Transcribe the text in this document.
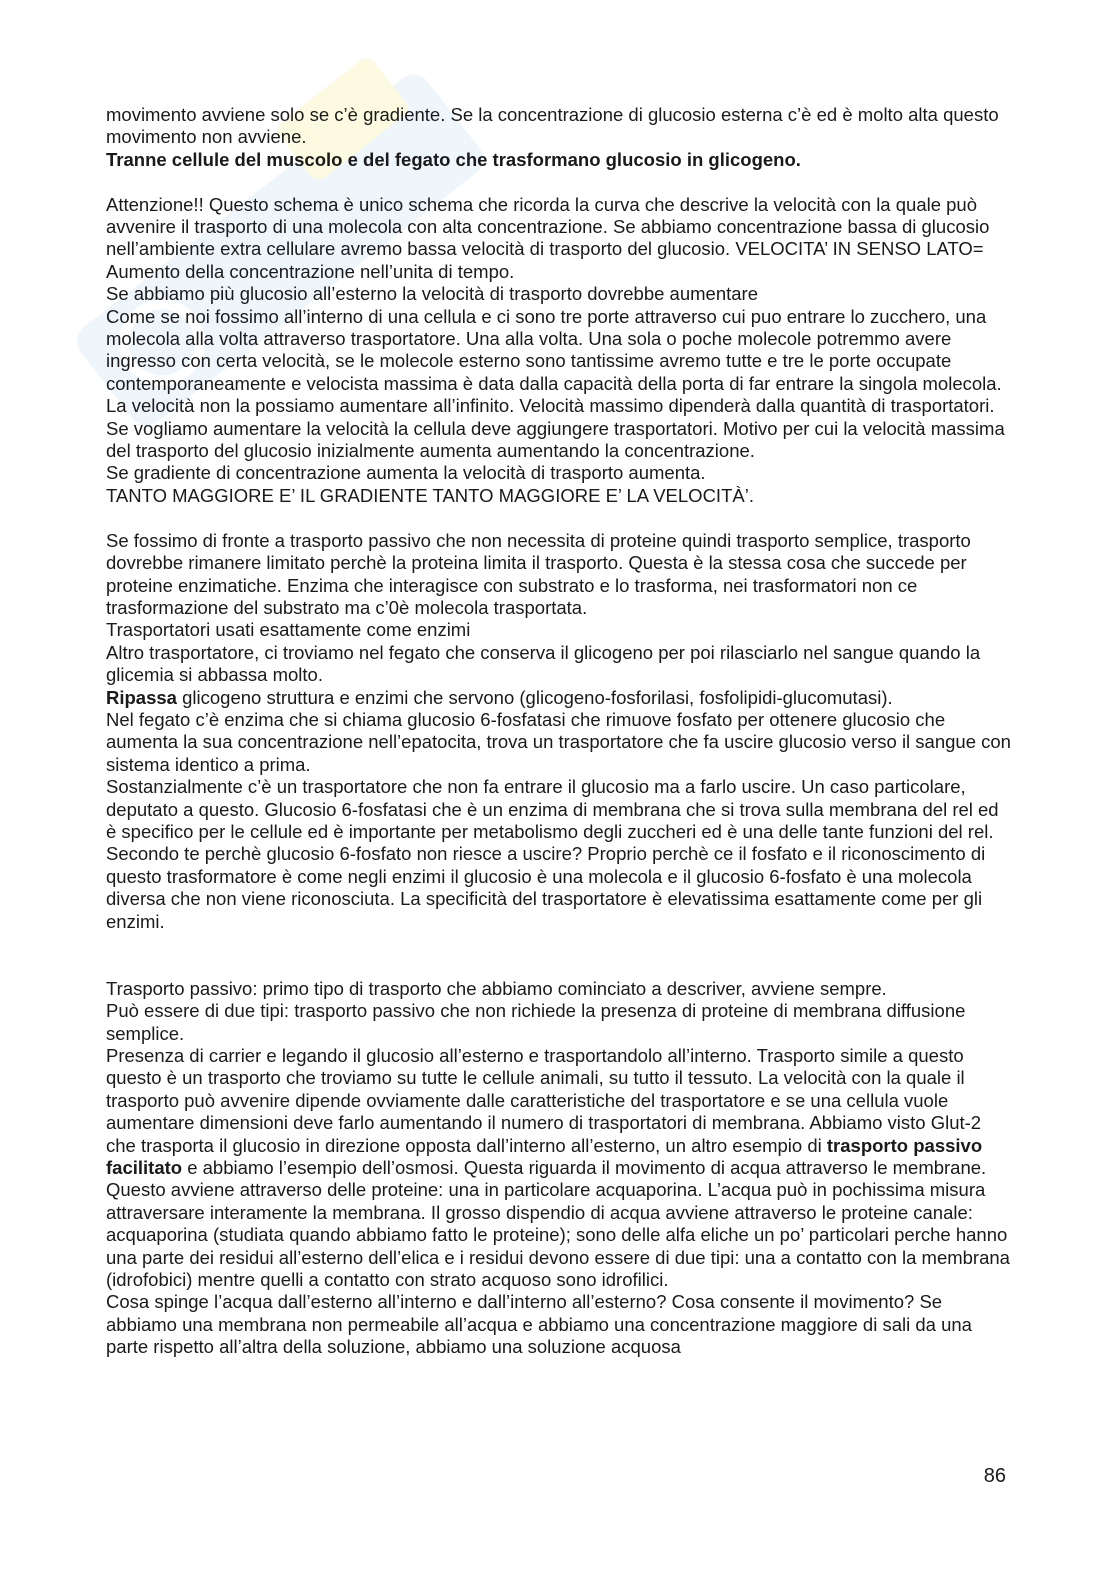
movimento avviene solo se c’è gradiente. Se la concentrazione di glucosio esterna c’è ed è molto alta questo movimento non avviene.

Tranne cellule del muscolo e del fegato che trasformano glucosio in glicogeno.

Attenzione!! Questo schema è unico schema che ricorda la curva che descrive la velocità con la quale può avvenire il trasporto di una molecola con alta concentrazione. Se abbiamo concentrazione bassa di glucosio nell’ambiente extra cellulare avremo bassa velocità di trasporto del glucosio. VELOCITA’ IN SENSO LATO= Aumento della concentrazione nell’unita di tempo.

Se abbiamo più glucosio all’esterno la velocità di trasporto dovrebbe aumentare

Come se noi fossimo all’interno di una cellula e ci sono tre porte attraverso cui puo entrare lo zucchero, una molecola alla volta attraverso trasportatore. Una alla volta. Una sola o poche molecole potremmo avere ingresso con certa velocità, se le molecole esterno sono tantissime avremo tutte e tre le porte occupate contemporaneamente e velocista massima è data dalla capacità della porta di far entrare la singola molecola. La velocità non la possiamo aumentare all’infinito. Velocità massimo dipenderà dalla quantità di trasportatori. Se vogliamo aumentare la velocità la cellula deve aggiungere trasportatori. Motivo per cui la velocità massima del trasporto del glucosio inizialmente aumenta aumentando la concentrazione.

Se gradiente di concentrazione aumenta la velocità di trasporto aumenta.

TANTO MAGGIORE E’ IL GRADIENTE TANTO MAGGIORE E’ LA VELOCITÀ’.

Se fossimo di fronte a trasporto passivo che non necessita di proteine quindi trasporto semplice, trasporto dovrebbe rimanere limitato perchè la proteina limita il trasporto. Questa è la stessa cosa che succede per proteine enzimatiche. Enzima che interagisce con substrato e lo trasforma, nei trasformatori non ce trasformazione del substrato ma c’0è molecola trasportata.

Trasportatori usati esattamente come enzimi

Altro trasportatore, ci troviamo nel fegato che conserva il glicogeno per poi rilasciarlo nel sangue quando la glicemia si abbassa molto.

Ripassa glicogeno struttura e enzimi che servono (glicogeno-fosforilasi, fosfolipidi-glucomutasi).

Nel fegato c’è enzima che si chiama glucosio 6-fosfatasi che rimuove fosfato per ottenere glucosio che aumenta la sua concentrazione nell’epatocita, trova un trasportatore che fa uscire glucosio verso il sangue con sistema identico a prima.

Sostanzialmente c’è un trasportatore che non fa entrare il glucosio ma a farlo uscire. Un caso particolare, deputato a questo. Glucosio 6-fosfatasi che è un enzima di membrana che si trova sulla membrana del rel ed è specifico per le cellule ed è importante per metabolismo degli zuccheri ed è una delle tante funzioni del rel.

Secondo te perchè glucosio 6-fosfato non riesce a uscire? Proprio perchè ce il fosfato e il riconoscimento di questo trasformatore è come negli enzimi il glucosio è una molecola e il glucosio 6-fosfato è una molecola diversa che non viene riconosciuta. La specificità del trasportatore è elevatissima esattamente come per gli enzimi.

Trasporto passivo: primo tipo di trasporto che abbiamo cominciato a descriver, avviene sempre.

Può essere di due tipi: trasporto passivo che non richiede la presenza di proteine di membrana diffusione semplice.

Presenza di carrier e legando il glucosio all’esterno e trasportandolo all’interno. Trasporto simile a questo questo è un trasporto che troviamo su tutte le cellule animali, su tutto il tessuto. La velocità con la quale il trasporto può avvenire dipende ovviamente dalle caratteristiche del trasportatore e se una cellula vuole aumentare dimensioni deve farlo aumentando il numero di trasportatori di membrana. Abbiamo visto Glut-2 che trasporta il glucosio in direzione opposta dall’interno all’esterno, un altro esempio di trasporto passivo facilitato e abbiamo l’esempio dell’osmosi. Questa riguarda il movimento di acqua attraverso le membrane. Questo avviene attraverso delle proteine: una in particolare acquaporina. L’acqua può in pochissima misura attraversare interamente la membrana. Il grosso dispendio di acqua avviene attraverso le proteine canale: acquaporina (studiata quando abbiamo fatto le proteine); sono delle alfa eliche un po’ particolari perche hanno una parte dei residui all’esterno dell’elica e i residui devono essere di due tipi: una a contatto con la membrana (idrofobici) mentre quelli a contatto con strato acquoso sono idrofilici.

Cosa spinge l’acqua dall’esterno all’interno e dall’interno all’esterno? Cosa consente il movimento? Se abbiamo una membrana non permeabile all’acqua e abbiamo una concentrazione maggiore di sali da una parte rispetto all’altra della soluzione, abbiamo una soluzione acquosa

86
